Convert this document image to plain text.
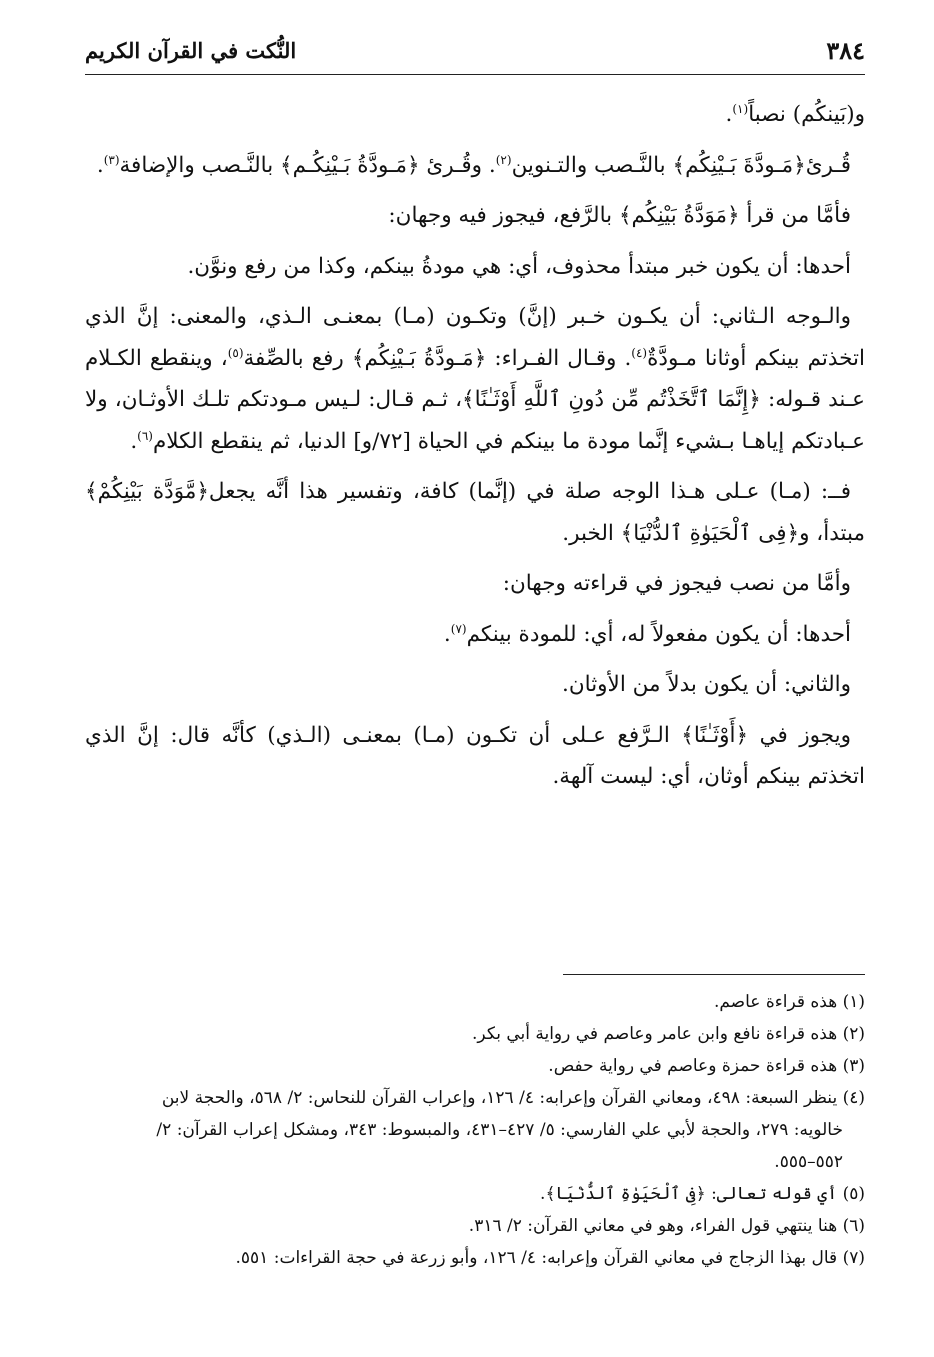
٣٨٤
النُّكت في القرآن الكريم

و(بَينكُم) نصباً$^{(١)}$.

قُـرئ﴿مَـودَّةَ بَـيْنِكُم﴾ بالنَّـصب والتـنوين$^{(٢)}$. وقُـرئ ﴿مَـودَّةُ بَـيْنِكُـم﴾ بالنَّـصب والإضافة$^{(٣)}$.

فأمَّا من قرأ ﴿مَوَدَّةُ بَيْنِكُم﴾ بالرَّفع، فيجوز فيه وجهان:

أحدها: أن يكون خبر مبتدأ محذوف، أي: هي مودةُ بينكم، وكذا من رفع ونوَّن.

والـوجه الـثاني: أن يكـون خـبر (إنَّ) وتكـون (مـا) بمعنـى الـذي، والمعنى: إنَّ الذي اتخذتم بينكم أوثانا مـودَّةٌ$^{(٤)}$. وقـال الفـراء: ﴿مَـودَّةُ بَـيْنِكُم﴾ رفع بالصِّفة$^{(٥)}$، وينقطع الكـلام عـند قـوله: ﴿إِنَّمَا ٱتَّخَذْتُم مِّن دُونِ ٱللَّهِ أَوْثَـٰنًا﴾، ثـم قـال: لـيس مـودتكم تلـك الأوثـان، ولا عـبادتكم إياهـا بـشيء إنَّما مودة ما بينكم في الحياة [٧٢/و] الدنيا، ثم ينقطع الكلام$^{(٦)}$.

فــ: (مـا) عـلى هـذا الوجه صلة في (إنَّما) كافة، وتفسير هذا أنَّه يجعل﴿مَّوَدَّة بَيْنِكُمْ﴾ مبتدأ، و﴿فِى ٱلْحَيَوٰةِ ٱلدُّنْيَا﴾ الخبر.

وأمَّا من نصب فيجوز في قراءته وجهان:

أحدها: أن يكون مفعولاً له، أي: للمودة بينكم$^{(٧)}$.

والثاني: أن يكون بدلاً من الأوثان.

ويجوز في ﴿أَوْثَـٰنًا﴾ الـرَّفع عـلى أن تكـون (مـا) بمعنـى (الـذي) كأنَّه قال: إنَّ الذي اتخذتم بينكم أوثان، أي: ليست آلهة.

(١) هذه قراءة عاصم.
(٢) هذه قراءة نافع وابن عامر وعاصم في رواية أبي بكر.
(٣) هذه قراءة حمزة وعاصم في رواية حفص.
(٤) ينظر السبعة: ٤٩٨، ومعاني القرآن وإعرابه: ٤/ ١٢٦، وإعراب القرآن للنحاس: ٢/ ٥٦٨، والحجة لابن
خالويه: ٢٧٩، والحجة لأبي علي الفارسي: ٥/ ٤٢٧–٤٣١، والمبسوط: ٣٤٣، ومشكل إعراب القرآن: ٢/
٥٥٢–٥٥٥.
(٥) أي قوله تعالى: ﴿فِى ٱلْحَيَوٰةِ ٱلدُّنْيَا﴾.
(٦) هنا ينتهي قول الفراء، وهو في معاني القرآن: ٢/ ٣١٦.
(٧) قال بهذا الزجاج في معاني القرآن وإعرابه: ٤/ ١٢٦، وأبو زرعة في حجة القراءات: ٥٥١.
